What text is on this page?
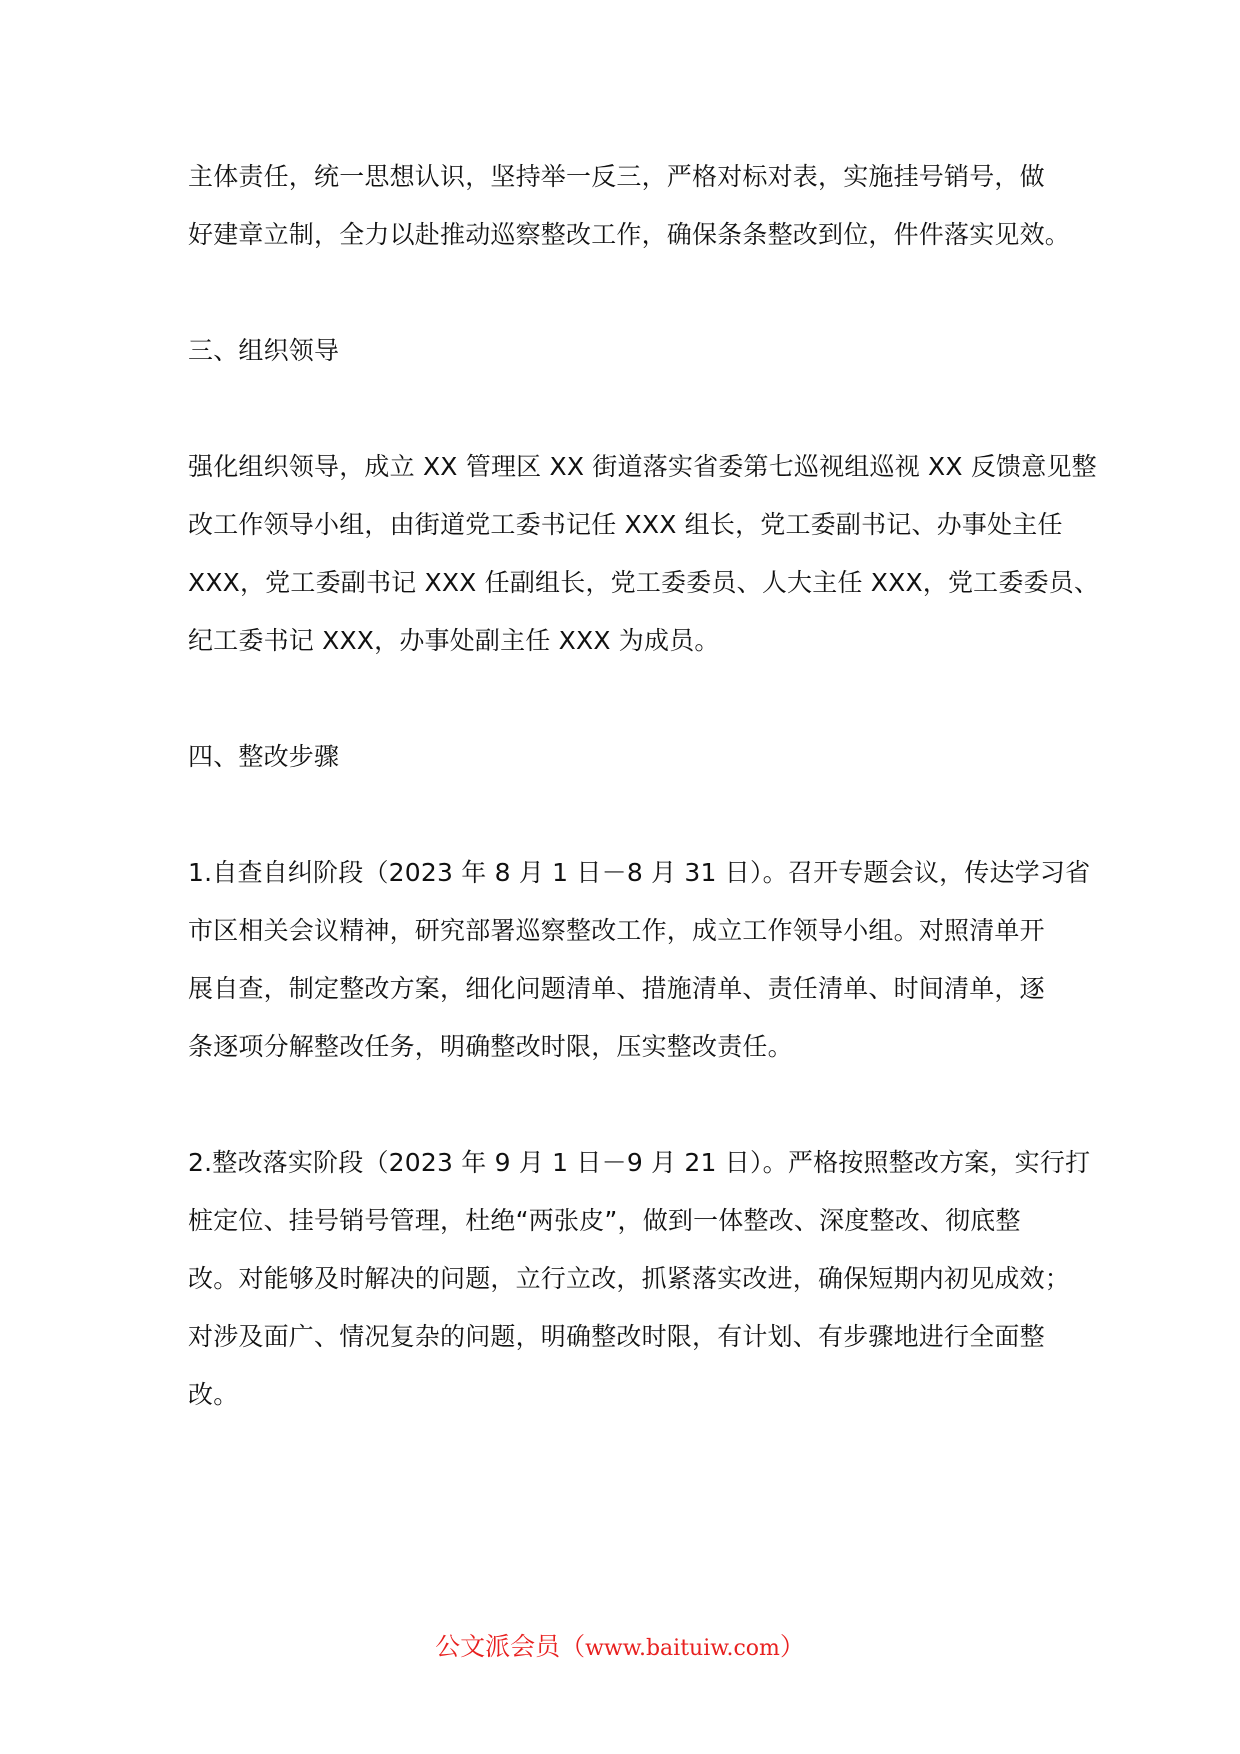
主体责任，统一思想认识，坚持举一反三，严格对标对表，实施挂号销号，做
好建章立制，全力以赴推动巡察整改工作，确保条条整改到位，件件落实见效。
三、组织领导
强化组织领导，成立 XX 管理区 XX 街道落实省委第七巡视组巡视 XX 反馈意见整
改工作领导小组，由街道党工委书记任 XXX 组长，党工委副书记、办事处主任
XXX，党工委副书记 XXX 任副组长，党工委委员、人大主任 XXX，党工委委员、
纪工委书记 XXX，办事处副主任 XXX 为成员。
四、整改步骤
1.自查自纠阶段（2023 年 8 月 1 日－8 月 31 日）。召开专题会议，传达学习省
市区相关会议精神，研究部署巡察整改工作，成立工作领导小组。对照清单开
展自查，制定整改方案，细化问题清单、措施清单、责任清单、时间清单，逐
条逐项分解整改任务，明确整改时限，压实整改责任。
2.整改落实阶段（2023 年 9 月 1 日－9 月 21 日）。严格按照整改方案，实行打
桩定位、挂号销号管理，杜绝“两张皮”，做到一体整改、深度整改、彻底整
改。对能够及时解决的问题，立行立改，抓紧落实改进，确保短期内初见成效；
对涉及面广、情况复杂的问题，明确整改时限，有计划、有步骤地进行全面整
改。
公文派会员（www.baituiw.com）
